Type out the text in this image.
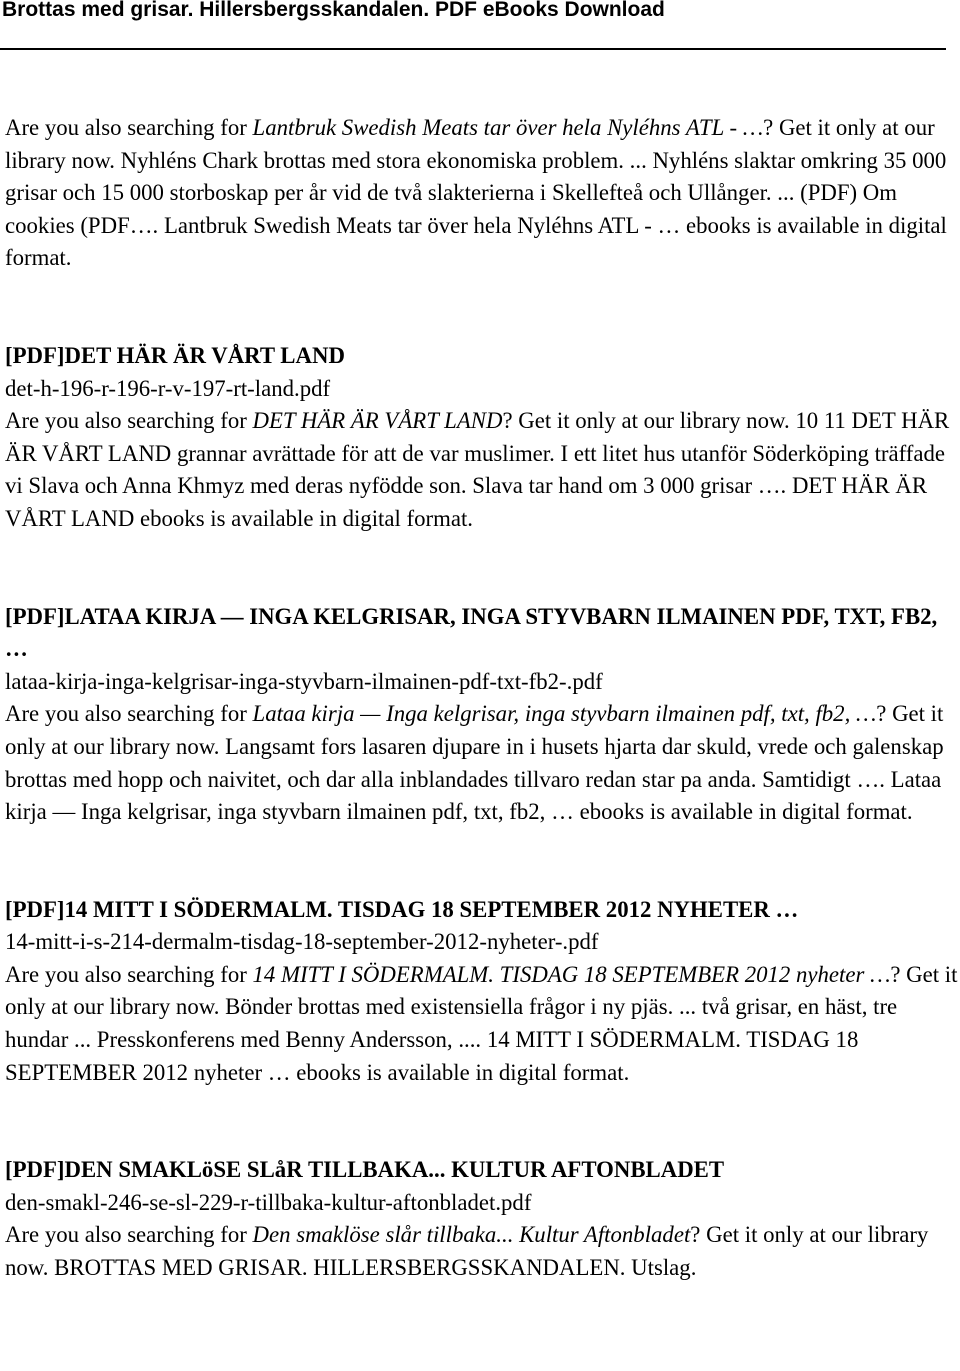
Brottas med grisar. Hillersbergsskandalen. PDF eBooks Download

Are you also searching for Lantbruk Swedish Meats tar över hela Nyléhns ATL - …? Get it only at our library now. Nyhléns Chark brottas med stora ekonomiska problem. ... Nyhléns slaktar omkring 35 000 grisar och 15 000 storboskap per år vid de två slakterierna i Skellefteå och Ullånger. ... (PDF) Om cookies (PDF…. Lantbruk Swedish Meats tar över hela Nyléhns ATL - … ebooks is available in digital format.

[PDF]DET HÄR ÄR VÅRT LAND
det-h-196-r-196-r-v-197-rt-land.pdf
Are you also searching for DET HÄR ÄR VÅRT LAND? Get it only at our library now. 10 11 DET HÄR ÄR VÅRT LAND grannar avrättade för att de var muslimer. I ett litet hus utanför Söderköping träffade vi Slava och Anna Khmyz med deras nyfödde son. Slava tar hand om 3 000 grisar …. DET HÄR ÄR VÅRT LAND ebooks is available in digital format.
[PDF]LATAA KIRJA — INGA KELGRISAR, INGA STYVBARN ILMAINEN PDF, TXT, FB2, …
lataa-kirja-inga-kelgrisar-inga-styvbarn-ilmainen-pdf-txt-fb2-.pdf
Are you also searching for Lataa kirja — Inga kelgrisar, inga styvbarn ilmainen pdf, txt, fb2, …? Get it only at our library now. Langsamt fors lasaren djupare in i husets hjarta dar skuld, vrede och galenskap brottas med hopp och naivitet, och dar alla inblandades tillvaro redan star pa anda. Samtidigt …. Lataa kirja — Inga kelgrisar, inga styvbarn ilmainen pdf, txt, fb2, … ebooks is available in digital format.
[PDF]14 MITT I SÖDERMALM. TISDAG 18 SEPTEMBER 2012 NYHETER …
14-mitt-i-s-214-dermalm-tisdag-18-september-2012-nyheter-.pdf
Are you also searching for 14 MITT I SÖDERMALM. TISDAG 18 SEPTEMBER 2012 nyheter …? Get it only at our library now. Bönder brottas med existensiella frågor i ny pjäs. ... två grisar, en häst, tre hundar ... Presskonferens med Benny Andersson, .... 14 MITT I SÖDERMALM. TISDAG 18 SEPTEMBER 2012 nyheter … ebooks is available in digital format.
[PDF]DEN SMAKLöSE SLåR TILLBAKA... KULTUR AFTONBLADET
den-smakl-246-se-sl-229-r-tillbaka-kultur-aftonbladet.pdf
Are you also searching for Den smaklöse slår tillbaka... Kultur Aftonbladet? Get it only at our library now. BROTTAS MED GRISAR. HILLERSBERGSSKANDALEN. Utslag.
